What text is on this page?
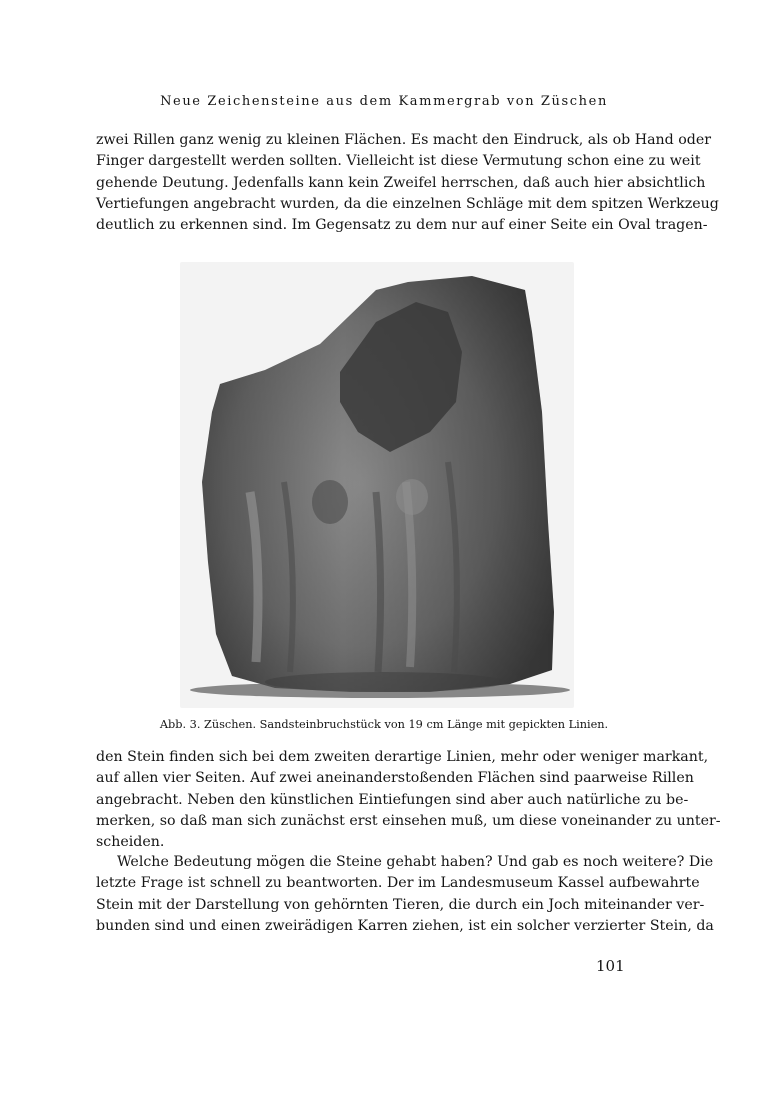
Neue Zeichensteine aus dem Kammergrab von Züschen
zwei Rillen ganz wenig zu kleinen Flächen. Es macht den Eindruck, als ob Hand oder
Finger dargestellt werden sollten. Vielleicht ist diese Vermutung schon eine zu weit
gehende Deutung. Jedenfalls kann kein Zweifel herrschen, daß auch hier absichtlich
Vertiefungen angebracht wurden, da die einzelnen Schläge mit dem spitzen Werkzeug
deutlich zu erkennen sind. Im Gegensatz zu dem nur auf einer Seite ein Oval tragen-
Abb. 3. Züschen. Sandsteinbruchstück von 19 cm Länge mit gepickten Linien.
den Stein finden sich bei dem zweiten derartige Linien, mehr oder weniger markant,
auf allen vier Seiten. Auf zwei aneinanderstoßenden Flächen sind paarweise Rillen
angebracht. Neben den künstlichen Eintiefungen sind aber auch natürliche zu be-
merken, so daß man sich zunächst erst einsehen muß, um diese voneinander zu unter-
scheiden.
Welche Bedeutung mögen die Steine gehabt haben? Und gab es noch weitere? Die
letzte Frage ist schnell zu beantworten. Der im Landesmuseum Kassel aufbewahrte
Stein mit der Darstellung von gehörnten Tieren, die durch ein Joch miteinander ver-
bunden sind und einen zweirädigen Karren ziehen, ist ein solcher verzierter Stein, da
101
